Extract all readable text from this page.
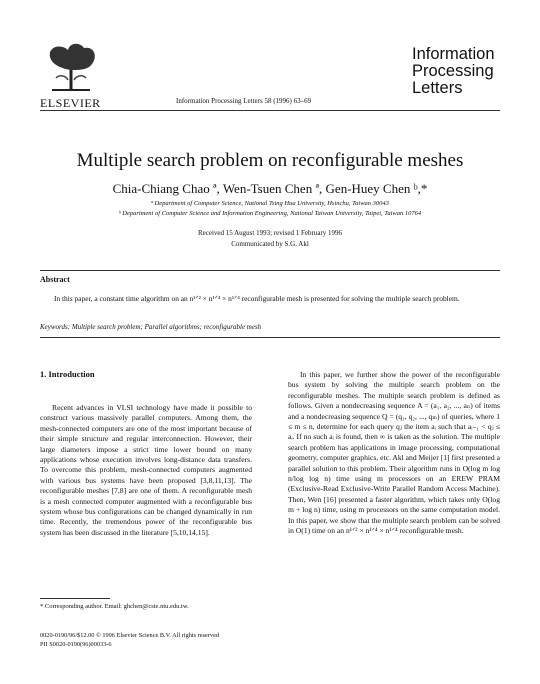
ELSEVIER	Information Processing Letters 58 (1996) 63–69
Information
Processing
Letters
Multiple search problem on reconfigurable meshes
Chia-Chiang Chao ª, Wen-Tsuen Chen ª, Gen-Huey Chen ᵇ,*
ª Department of Computer Science, National Tsing Hua University, Hsinchu, Taiwan 30043
ᵇ Department of Computer Science and Information Engineering, National Taiwan University, Taipei, Taiwan 10764
Received 15 August 1993; revised 1 February 1996
Communicated by S.G. Akl
Abstract
In this paper, a constant time algorithm on an n¹ᐟ² × n¹ᐟ⁴ × n¹ᐟ⁴ reconfigurable mesh is presented for solving the multiple search problem.
Keywords: Multiple search problem; Parallel algorithms; reconfigurable mesh
1. Introduction
Recent advances in VLSI technology have made it possible to construct various massively parallel computers. Among them, the mesh-connected computers are one of the most important because of their simple structure and regular interconnection. However, their large diameters impose a strict time lower bound on many applications whose execution involves long-distance data transfers. To overcome this problem, mesh-connected computers augmented with various bus systems have been proposed [3,8,11,13]. The reconfigurable meshes [7,8] are one of them. A reconfigurable mesh is a mesh connected computer augmented with a reconfigurable bus system whose bus configurations can be changed dynamically in run time. Recently, the tremendous power of the reconfigurable bus system has been discussed in the literature [5,10,14,15].
In this paper, we further show the power of the reconfigurable bus system by solving the multiple search problem on the reconfigurable meshes. The multiple search problem is defined as follows. Given a nondecreasing sequence A = (a₁, a₂, ..., aₙ) of items and a nondecreasing sequence Q = (q₁, q₂, ..., qₘ) of queries, where 1 ≤ m ≤ n, determine for each query qⱼ the item aᵢ such that aᵢ₋₁ < qⱼ ≤ aᵢ. If no such aᵢ is found, then ∞ is taken as the solution. The multiple search problem has applications in image processing, computational geometry, computer graphics, etc. Akl and Meijer [1] first presented a parallel solution to this problem. Their algorithm runs in O(log m log n/log log n) time using m processors on an EREW PRAM (Exclusive-Read Exclusive-Write Parallel Random Access Machine). Then, Wen [16] presented a faster algorithm, which takes only O(log m + log n) time, using m processors on the same computation model. In this paper, we show that the multiple search problem can be solved in O(1) time on an n¹ᐟ² × n¹ᐟ⁴ × n¹ᐟ⁴ reconfigurable mesh.
* Corresponding author. Email: ghchen@csie.ntu.edu.tw.
0020-0190/96/$12.00 © 1996 Elsevier Science B.V. All rights reserved
PII S0020-0190(96)00033-6
